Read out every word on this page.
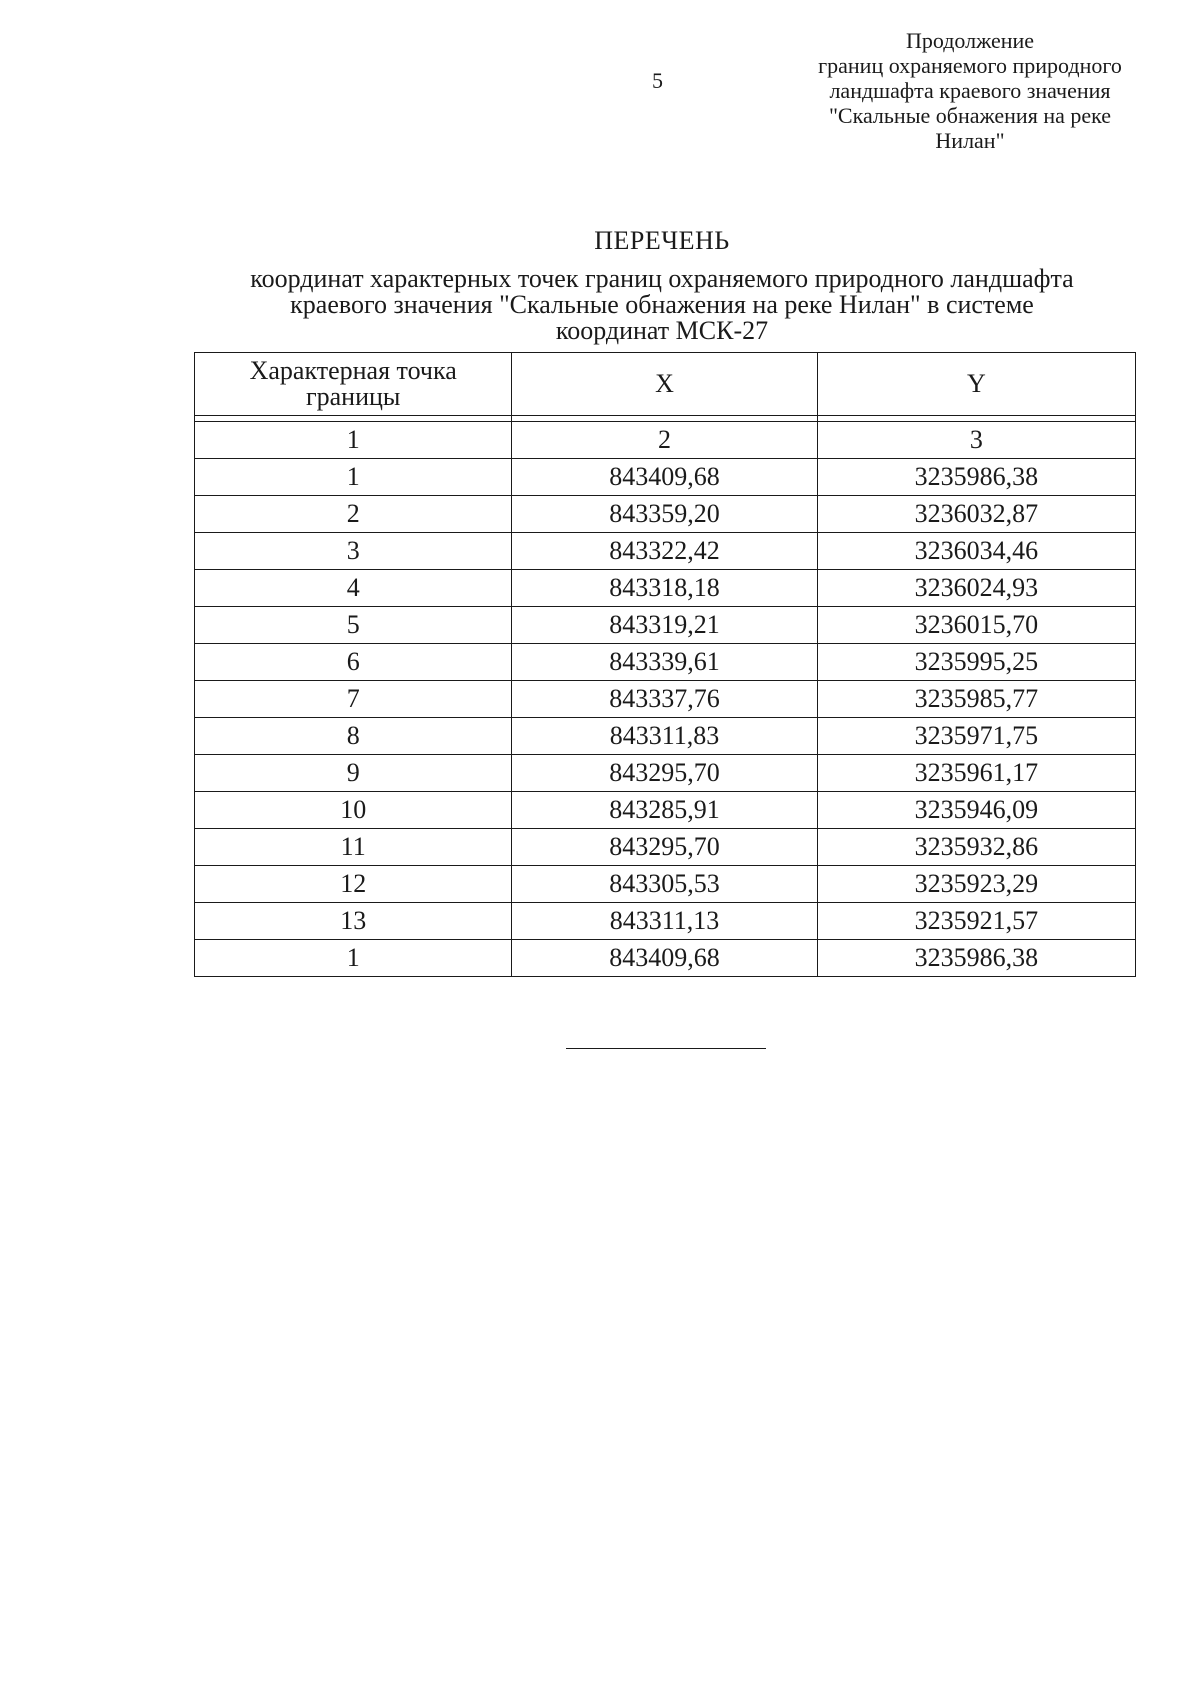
5
Продолжение
границ охраняемого природного
ландшафта краевого значения
"Скальные обнажения на реке
Нилан"
ПЕРЕЧЕНЬ
координат характерных точек границ охраняемого природного ландшафта
краевого значения "Скальные обнажения на реке Нилан" в системе
координат МСК-27
Характерная точка
границы	X	Y

1	2	3
1	843409,68	3235986,38
2	843359,20	3236032,87
3	843322,42	3236034,46
4	843318,18	3236024,93
5	843319,21	3236015,70
6	843339,61	3235995,25
7	843337,76	3235985,77
8	843311,83	3235971,75
9	843295,70	3235961,17
10	843285,91	3235946,09
11	843295,70	3235932,86
12	843305,53	3235923,29
13	843311,13	3235921,57
1	843409,68	3235986,38
